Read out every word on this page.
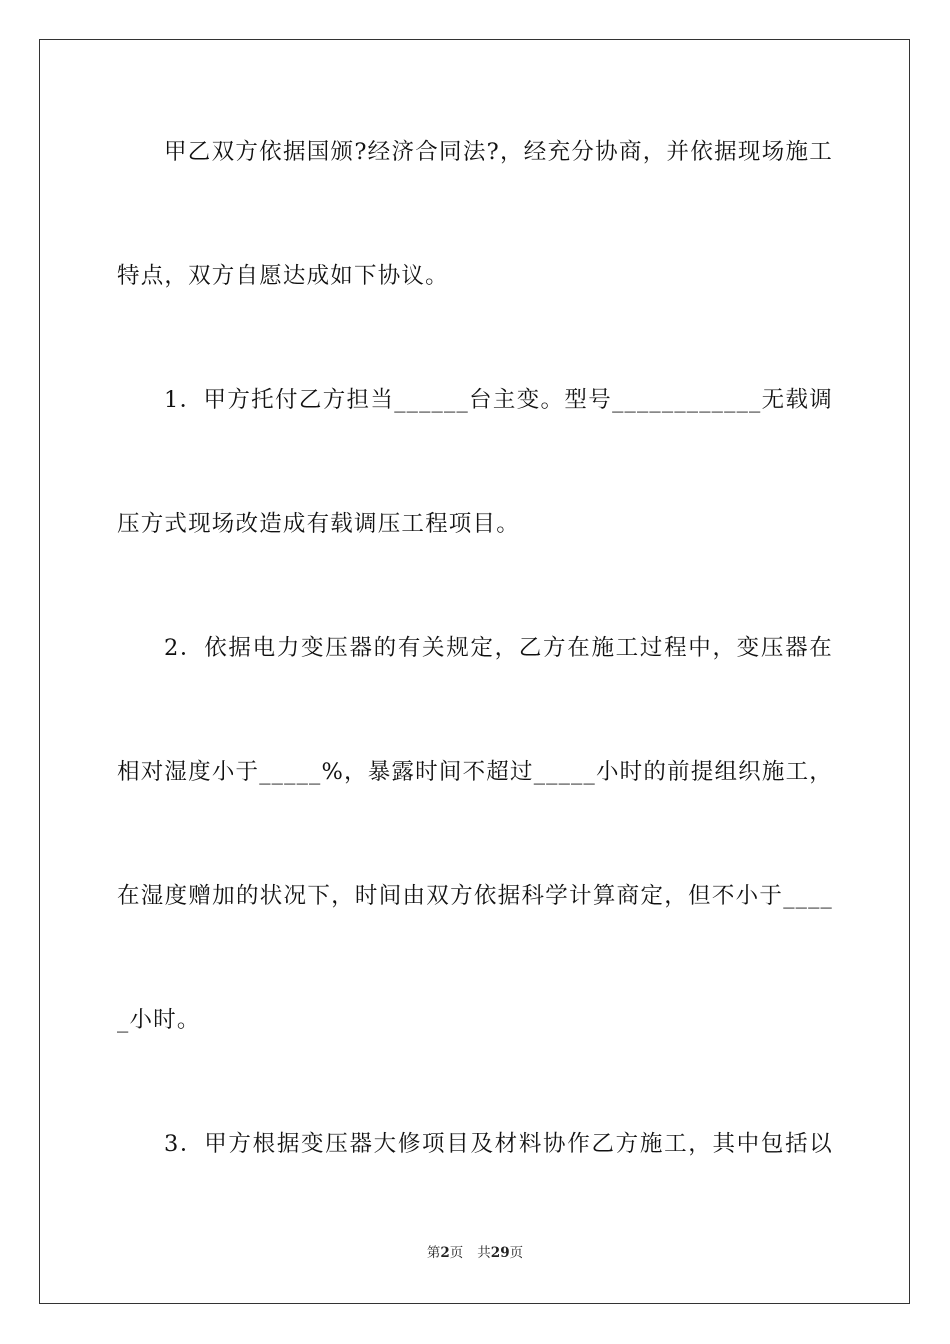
甲乙双方依据国颁?经济合同法?，经充分协商，并依据现场施工
特点，双方自愿达成如下协议。
1．甲方托付乙方担当______台主变。型号____________无载调
压方式现场改造成有载调压工程项目。
2．依据电力变压器的有关规定，乙方在施工过程中，变压器在
相对湿度小于_____%，暴露时间不超过_____小时的前提组织施工，
在湿度赠加的状况下，时间由双方依据科学计算商定，但不小于____
_小时。
3．甲方根据变压器大修项目及材料协作乙方施工，其中包括以
第2页 共29页
